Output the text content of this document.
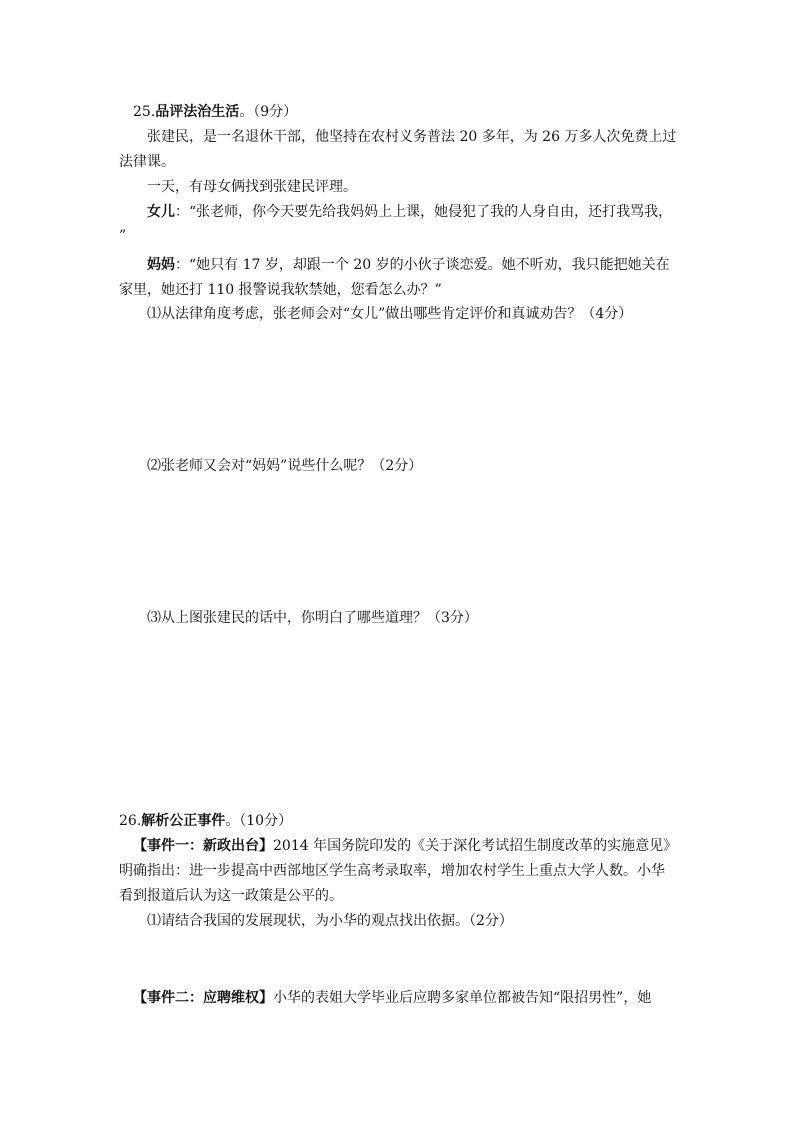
25.品评法治生活。（9分）
张建民，是一名退休干部，他坚持在农村义务普法 20 多年，为 26 万多人次免费上过
法律课。
一天，有母女俩找到张建民评理。
女儿：“张老师，你今天要先给我妈妈上上课，她侵犯了我的人身自由，还打我骂我，
”
妈妈：“她只有 17 岁，却跟一个 20 岁的小伙子谈恋爱。她不听劝，我只能把她关在
家里，她还打 110 报警说我软禁她，您看怎么办？”
⑴从法律角度考虑，张老师会对“女儿”做出哪些肯定评价和真诚劝告？（4分）
⑵张老师又会对“妈妈”说些什么呢？（2分）
⑶从上图张建民的话中，你明白了哪些道理？（3分）
26.解析公正事件。（10分）
【事件一：新政出台】2014 年国务院印发的《关于深化考试招生制度改革的实施意见》
明确指出：进一步提高中西部地区学生高考录取率，增加农村学生上重点大学人数。小华
看到报道后认为这一政策是公平的。
⑴请结合我国的发展现状，为小华的观点找出依据。（2分）
【事件二：应聘维权】小华的表姐大学毕业后应聘多家单位都被告知“限招男性”，她
